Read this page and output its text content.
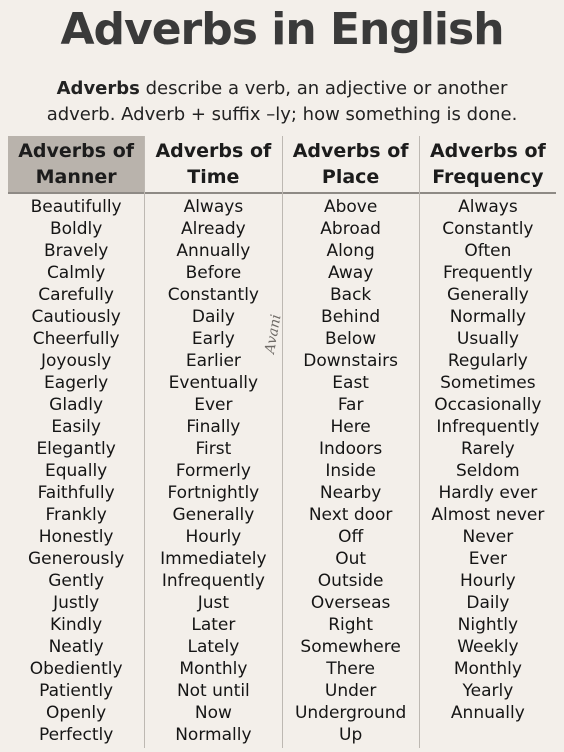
Adverbs in English
Adverbs describe a verb, an adjective or another
adverb. Adverb + suffix –ly; how something is done.
Adverbs of
Manner
Beautifully
Boldly
Bravely
Calmly
Carefully
Cautiously
Cheerfully
Joyously
Eagerly
Gladly
Easily
Elegantly
Equally
Faithfully
Frankly
Honestly
Generously
Gently
Justly
Kindly
Neatly
Obediently
Patiently
Openly
Perfectly
Adverbs of
Time
Always
Already
Annually
Before
Constantly
Daily
Early
Earlier
Eventually
Ever
Finally
First
Formerly
Fortnightly
Generally
Hourly
Immediately
Infrequently
Just
Later
Lately
Monthly
Not until
Now
Normally
Adverbs of
Place
Above
Abroad
Along
Away
Back
Behind
Below
Downstairs
East
Far
Here
Indoors
Inside
Nearby
Next door
Off
Out
Outside
Overseas
Right
Somewhere
There
Under
Underground
Up
Adverbs of
Frequency
Always
Constantly
Often
Frequently
Generally
Normally
Usually
Regularly
Sometimes
Occasionally
Infrequently
Rarely
Seldom
Hardly ever
Almost never
Never
Ever
Hourly
Daily
Nightly
Weekly
Monthly
Yearly
Annually
Avani
